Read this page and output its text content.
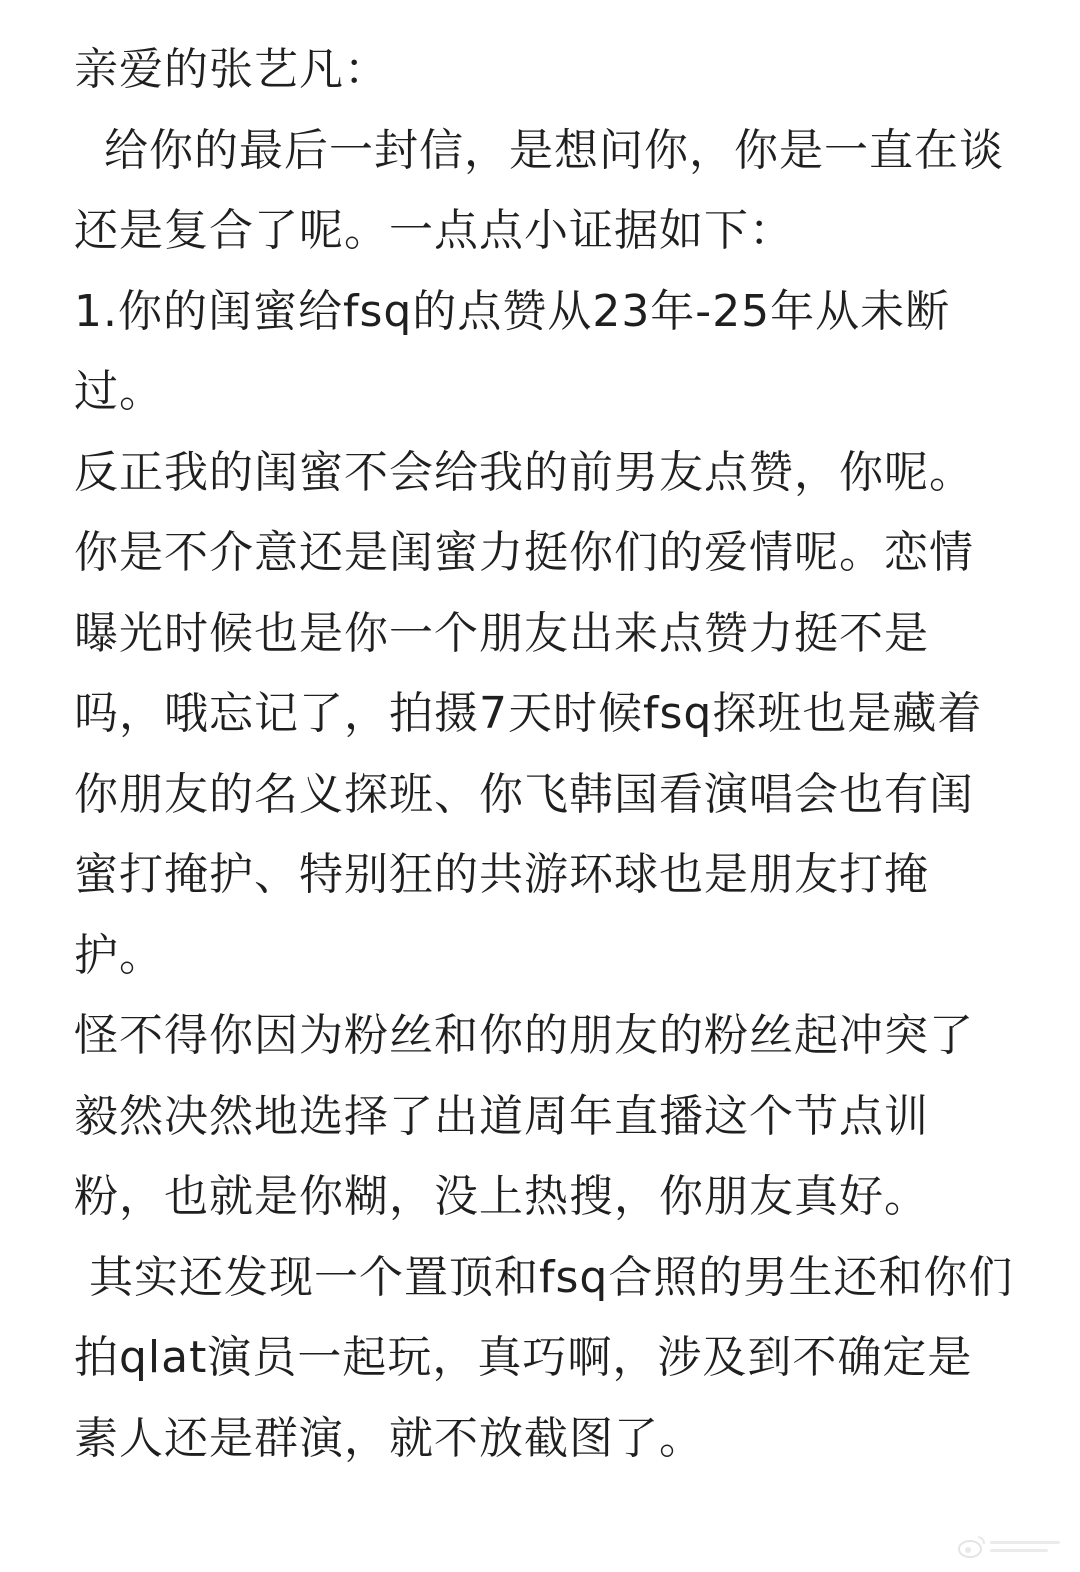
亲爱的张艺凡：

给你的最后一封信，是想问你，你是一直在谈还是复合了呢。一点点小证据如下：

1.你的闺蜜给fsq的点赞从23年-25年从未断过。

反正我的闺蜜不会给我的前男友点赞，你呢。你是不介意还是闺蜜力挺你们的爱情呢。恋情曝光时候也是你一个朋友出来点赞力挺不是吗，哦忘记了，拍摄7天时候fsq探班也是藏着你朋友的名义探班、你飞韩国看演唱会也有闺蜜打掩护、特别狂的共游环球也是朋友打掩护。

怪不得你因为粉丝和你的朋友的粉丝起冲突了毅然决然地选择了出道周年直播这个节点训粉，也就是你糊，没上热搜，你朋友真好。

其实还发现一个置顶和fsq合照的男生还和你们拍qlat演员一起玩，真巧啊，涉及到不确定是素人还是群演，就不放截图了。
